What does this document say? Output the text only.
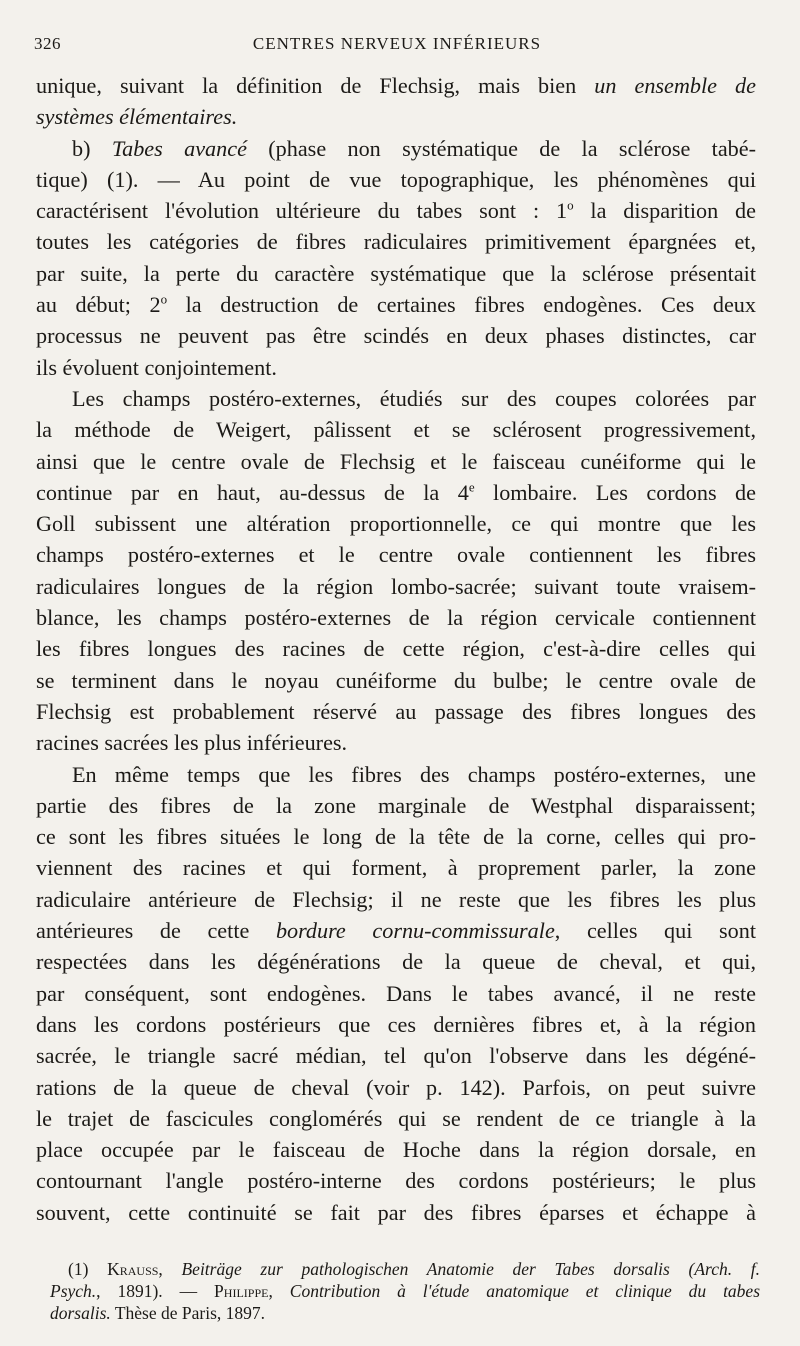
326	CENTRES NERVEUX INFÉRIEURS
unique, suivant la définition de Flechsig, mais bien un ensemble de
systèmes élémentaires.
b) Tabes avancé (phase non systématique de la sclérose tabé-
tique) (1). — Au point de vue topographique, les phénomènes qui
caractérisent l'évolution ultérieure du tabes sont : 1$^o$ la disparition de
toutes les catégories de fibres radiculaires primitivement épargnées et,
par suite, la perte du caractère systématique que la sclérose présentait
au début; 2$^o$ la destruction de certaines fibres endogènes. Ces deux
processus ne peuvent pas être scindés en deux phases distinctes, car
ils évoluent conjointement.
Les champs postéro-externes, étudiés sur des coupes colorées par
la méthode de Weigert, pâlissent et se sclérosent progressivement,
ainsi que le centre ovale de Flechsig et le faisceau cunéiforme qui le
continue par en haut, au-dessus de la 4e lombaire. Les cordons de
Goll subissent une altération proportionnelle, ce qui montre que les
champs postéro-externes et le centre ovale contiennent les fibres
radiculaires longues de la région lombo-sacrée; suivant toute vraisem-
blance, les champs postéro-externes de la région cervicale contiennent
les fibres longues des racines de cette région, c'est-à-dire celles qui
se terminent dans le noyau cunéiforme du bulbe; le centre ovale de
Flechsig est probablement réservé au passage des fibres longues des
racines sacrées les plus inférieures.
En même temps que les fibres des champs postéro-externes, une
partie des fibres de la zone marginale de Westphal disparaissent;
ce sont les fibres situées le long de la tête de la corne, celles qui pro-
viennent des racines et qui forment, à proprement parler, la zone
radiculaire antérieure de Flechsig; il ne reste que les fibres les plus
antérieures de cette bordure cornu-commissurale, celles qui sont
respectées dans les dégénérations de la queue de cheval, et qui,
par conséquent, sont endogènes. Dans le tabes avancé, il ne reste
dans les cordons postérieurs que ces dernières fibres et, à la région
sacrée, le triangle sacré médian, tel qu'on l'observe dans les dégéné-
rations de la queue de cheval (voir p. 142). Parfois, on peut suivre
le trajet de fascicules conglomérés qui se rendent de ce triangle à la
place occupée par le faisceau de Hoche dans la région dorsale, en
contournant l'angle postéro-interne des cordons postérieurs; le plus
souvent, cette continuité se fait par des fibres éparses et échappe à
(1) Krauss, Beiträge zur pathologischen Anatomie der Tabes dorsalis (Arch. f.
Psych., 1891). — Philippe, Contribution à l'étude anatomique et clinique du tabes
dorsalis. Thèse de Paris, 1897.
